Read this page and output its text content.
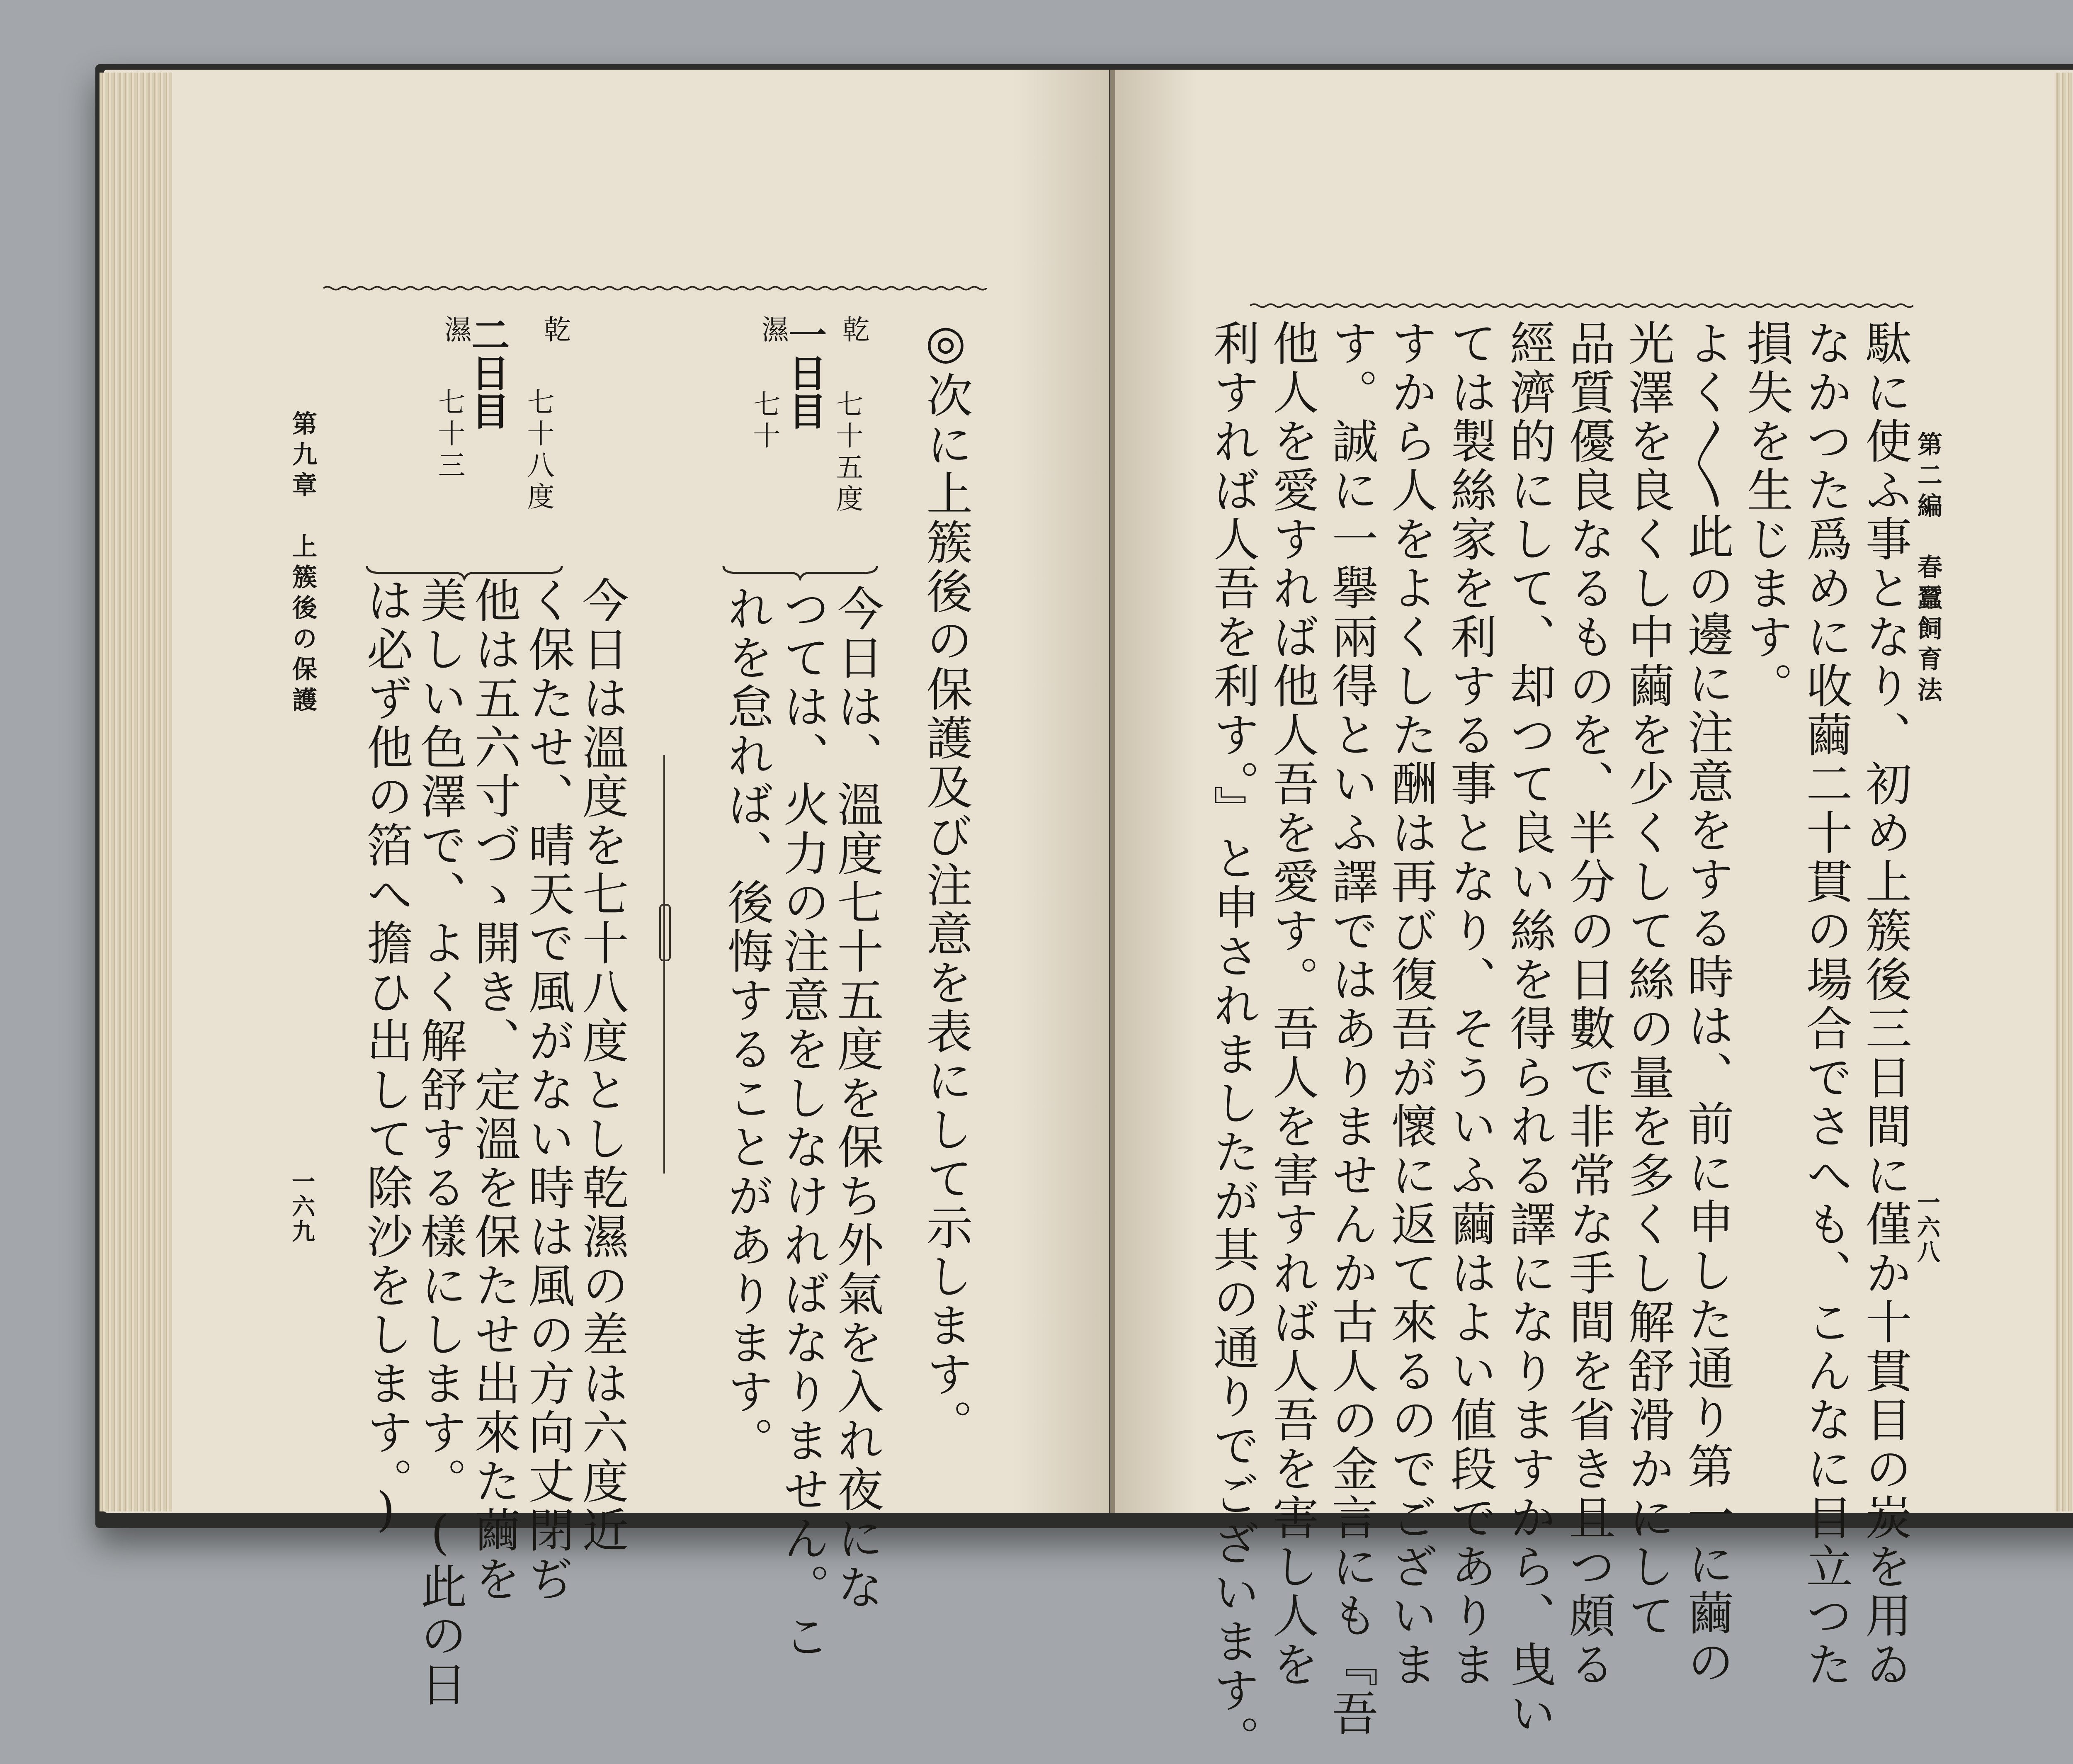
第二編　春蠶飼育法
一六八
駄に使ふ事となり、初め上簇後三日間に僅か十貫目の炭を用ゐ
なかつた爲めに收繭二十貫の場合でさへも、こんなに目立つた
損失を生じます。
よく〱此の邊に注意をする時は、前に申した通り第一に繭の
光澤を良くし中繭を少くして絲の量を多くし解舒滑かにして
品質優良なるものを、半分の日數で非常な手間を省き且つ頗る
經濟的にして、却つて良い絲を得られる譯になりますから、曳い
ては製絲家を利する事となり、そういふ繭はよい値段でありま
すから人をよくした酬は再び復吾が懷に返て來るのでございま
す。誠に一擧兩得といふ譯ではありませんか古人の金言にも『吾
他人を愛すれば他人吾を愛す。吾人を害すれば人吾を害し人を
利すれば人吾を利す。』と申されましたが其の通りでございます。
第九章　上簇後の保護
一六九	◎次に上簇後の保護及び注意を表にして示します。
乾
濕
七十五度
一日目
七十
今日は、溫度七十五度を保ち外氣を入れ夜にな
つては、火力の注意をしなければなりません。こ
れを怠れば、後悔することがあります。
乾
濕
七十八度
二日目
七十三
今日は溫度を七十八度とし乾濕の差は六度近
く保たせ、晴天で風がない時は風の方向丈閉ぢ
他は五六寸づゝ開き、定溫を保たせ出來た繭を
美しい色澤で、よく解舒する樣にします。(此の日
は必ず他の箔へ擔ひ出して除沙をします。)
